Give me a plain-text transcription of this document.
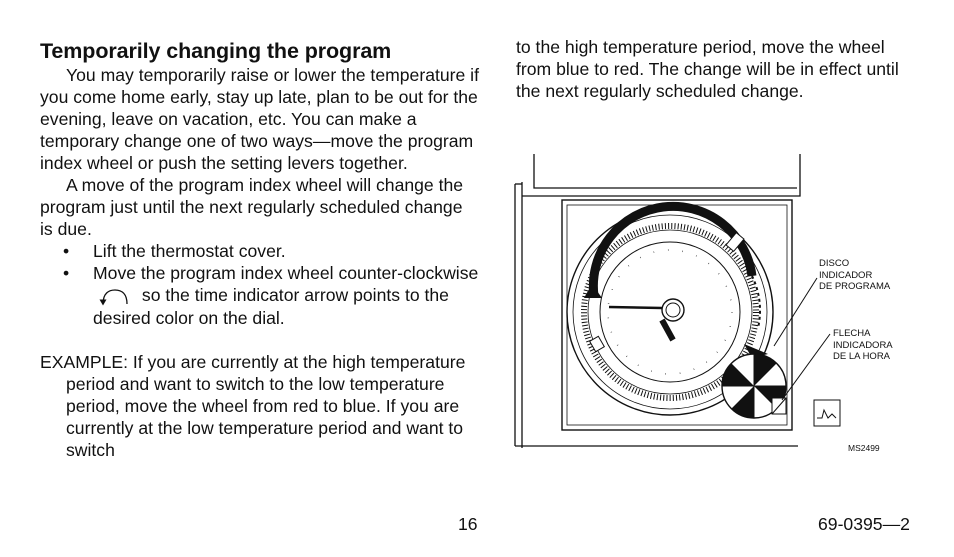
Temporarily changing the program

You may temporarily raise or lower the temperature if you come home early, stay up late, plan to be out for the evening, leave on vacation, etc. You can make a temporary change one of two ways—move the program index wheel or push the setting levers together.

A move of the program index wheel will change the program just until the next regularly scheduled change is due.

• Lift the thermostat cover.
• Move the program index wheel counter-clockwise  so the time indicator arrow points to the desired color on the dial.

EXAMPLE: If you are currently at the high temperature period and want to switch to the low temperature period, move the wheel from red to blue. If you are currently at the low temperature period and want to switch

to the high temperature period, move the wheel from blue to red. The change will be in effect until the next regularly scheduled change.

DISCO
INDICADOR
DE PROGRAMA
FLECHA
INDICADORA
DE LA HORA
MS2499
16	69-0395—2
